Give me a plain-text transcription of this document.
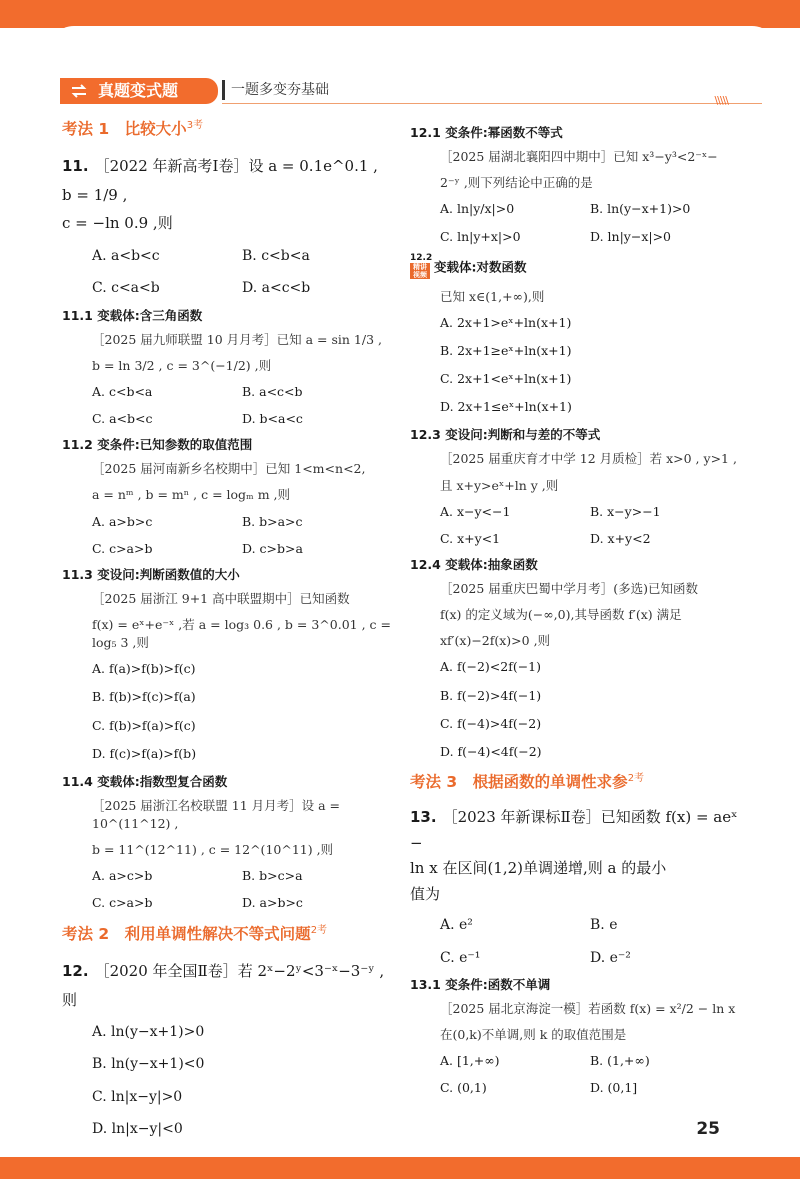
真题变式题	一题多变夯基础
\\\\\
考法 1　比较大小$^{3考}$
11. ［2022 年新高考Ⅰ卷］设 a = 0.1e^0.1 , b = 1/9 ,
c = −ln 0.9 ,则
A. a<b<c	B. c<b<a
C. c<a<b	D. a<c<b
11.1 变载体:含三角函数

［2025 届九师联盟 10 月月考］已知 a = sin 1/3 ,

b = ln 3/2 , c = 3^(−1/2) ,则

A. c<b<a	B. a<c<b
C. a<b<c	D. b<a<c
11.2 变条件:已知参数的取值范围

［2025 届河南新乡名校期中］已知 1<m<n<2,

a = nᵐ , b = mⁿ , c = logₘ m ,则

A. a>b>c	B. b>a>c
C. c>a>b	D. c>b>a
11.3 变设问:判断函数值的大小

［2025 届浙江 9+1 高中联盟期中］已知函数

f(x) = eˣ+e⁻ˣ ,若 a = log₃ 0.6 , b = 3^0.01 , c = log₅ 3 ,则

A. f(a)>f(b)>f(c)
B. f(b)>f(c)>f(a)
C. f(b)>f(a)>f(c)
D. f(c)>f(a)>f(b)
11.4 变载体:指数型复合函数

［2025 届浙江名校联盟 11 月月考］设 a = 10^(11^12) ,

b = 11^(12^11) , c = 12^(10^11) ,则

A. a>c>b	B. b>c>a
C. c>a>b	D. a>b>c
考法 2　利用单调性解决不等式问题$^{2考}$
12. ［2020 年全国Ⅱ卷］若 2ˣ−2ʸ<3⁻ˣ−3⁻ʸ ,则
A. ln(y−x+1)>0
B. ln(y−x+1)<0
C. ln|x−y|>0
D. ln|x−y|<0
12.1 变条件:幂函数不等式

［2025 届湖北襄阳四中期中］已知 x³−y³<2⁻ˣ−

2⁻ʸ ,则下列结论中正确的是

A. ln|y/x|>0	B. ln(y−x+1)>0
C. ln|y+x|>0	D. ln|y−x|>0
12.2
精讲视频
变载体:对数函数

已知 x∈(1,+∞),则

A. 2x+1>eˣ+ln(x+1)
B. 2x+1≥eˣ+ln(x+1)
C. 2x+1<eˣ+ln(x+1)
D. 2x+1≤eˣ+ln(x+1)
12.3 变设问:判断和与差的不等式

［2025 届重庆育才中学 12 月质检］若 x>0 , y>1 ,

且 x+y>eˣ+ln y ,则

A. x−y<−1	B. x−y>−1
C. x+y<1	D. x+y<2
12.4 变载体:抽象函数

［2025 届重庆巴蜀中学月考］(多选)已知函数

f(x) 的定义域为(−∞,0),其导函数 f′(x) 满足

xf′(x)−2f(x)>0 ,则

A. f(−2)<2f(−1)
B. f(−2)>4f(−1)
C. f(−4)>4f(−2)
D. f(−4)<4f(−2)
考法 3　根据函数的单调性求参$^{2考}$
13. ［2023 年新课标Ⅱ卷］已知函数 f(x) = aeˣ −
ln x 在区间(1,2)单调递增,则 a 的最小
值为
A. e²	B. e
C. e⁻¹	D. e⁻²
13.1 变条件:函数不单调

［2025 届北京海淀一模］若函数 f(x) = x²/2 − ln x

在(0,k)不单调,则 k 的取值范围是

A. [1,+∞)	B. (1,+∞)
C. (0,1)	D. (0,1]
25
